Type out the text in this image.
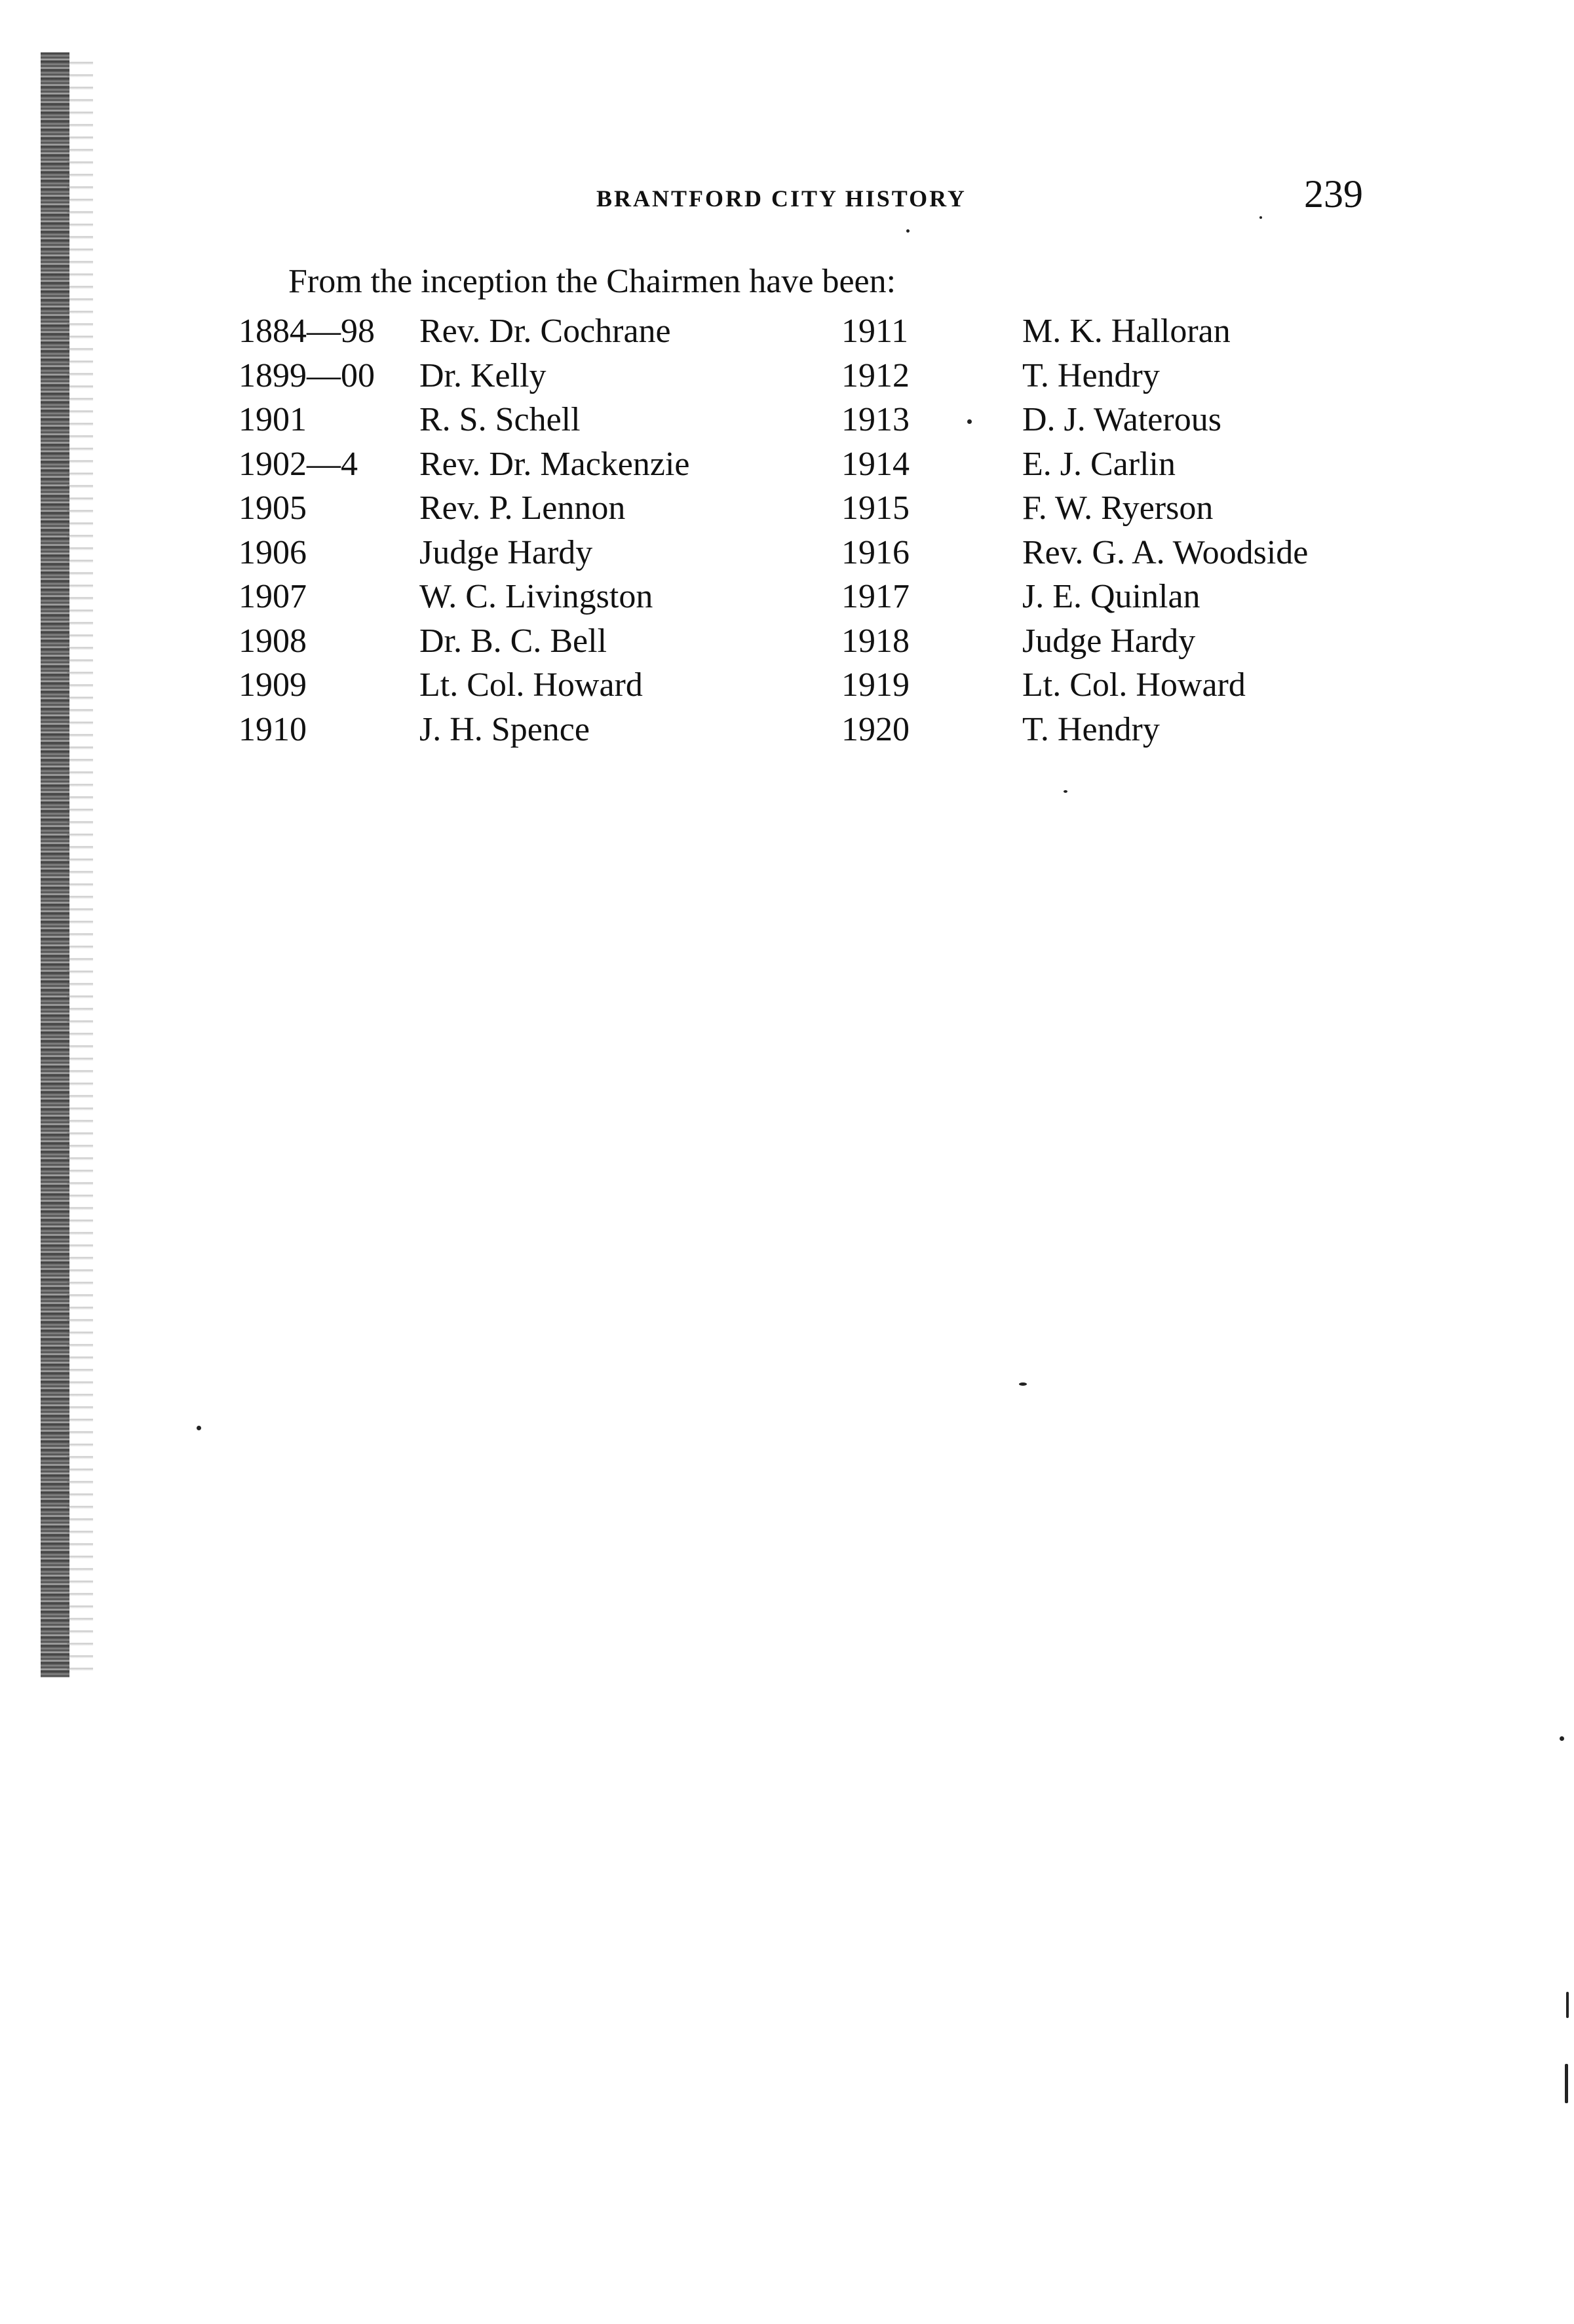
BRANTFORD CITY HISTORY	239
From the inception the Chairmen have been:
1884—98 Rev. Dr. Cochrane	1911	M. K. Halloran
1899—00 Dr. Kelly	1912	T. Hendry
1901	R. S. Schell	1913	D. J. Waterous
1902—4 Rev. Dr. Mackenzie	1914	E. J. Carlin
1905	Rev. P. Lennon	1915	F. W. Ryerson
1906	Judge Hardy	1916	Rev. G. A. Woodside
1907	W. C. Livingston	1917	J. E. Quinlan
1908	Dr. B. C. Bell	1918	Judge Hardy
1909	Lt. Col. Howard	1919	Lt. Col. Howard
1910	J. H. Spence	1920	T. Hendry
